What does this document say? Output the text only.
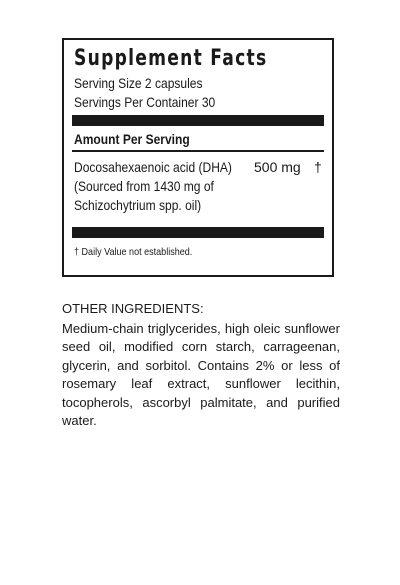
Supplement Facts
Serving Size 2 capsules
Servings Per Container 30
Amount Per Serving
Docosahexaenoic acid (DHA)	500 mg †
(Sourced from 1430 mg of
Schizochytrium spp. oil)
† Daily Value not established.
OTHER INGREDIENTS:
Medium-chain triglycerides, high oleic sunflower seed oil, modified corn starch, carrageenan, glycerin, and sorbitol. Contains 2% or less of rosemary leaf extract, sunflower lecithin, tocopherols, ascorbyl palmitate, and purified water.
